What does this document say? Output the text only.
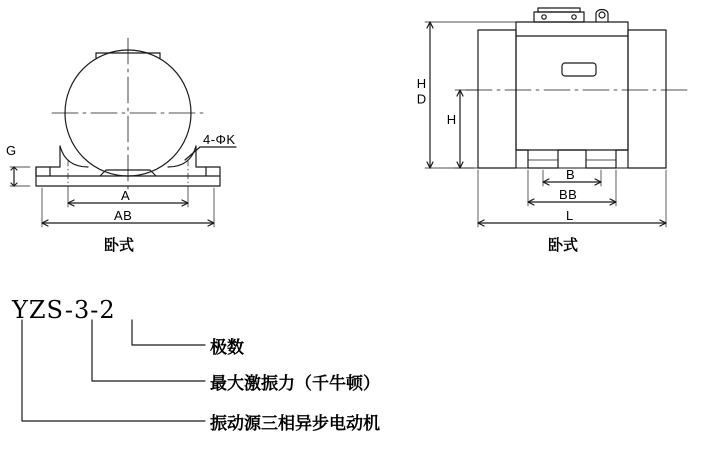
G
4-ΦK
A
AB
卧式
HD
H
B
BB
L
卧式
YZS-3-2
极数
最大激振力（千牛顿）
振动源三相异步电动机
